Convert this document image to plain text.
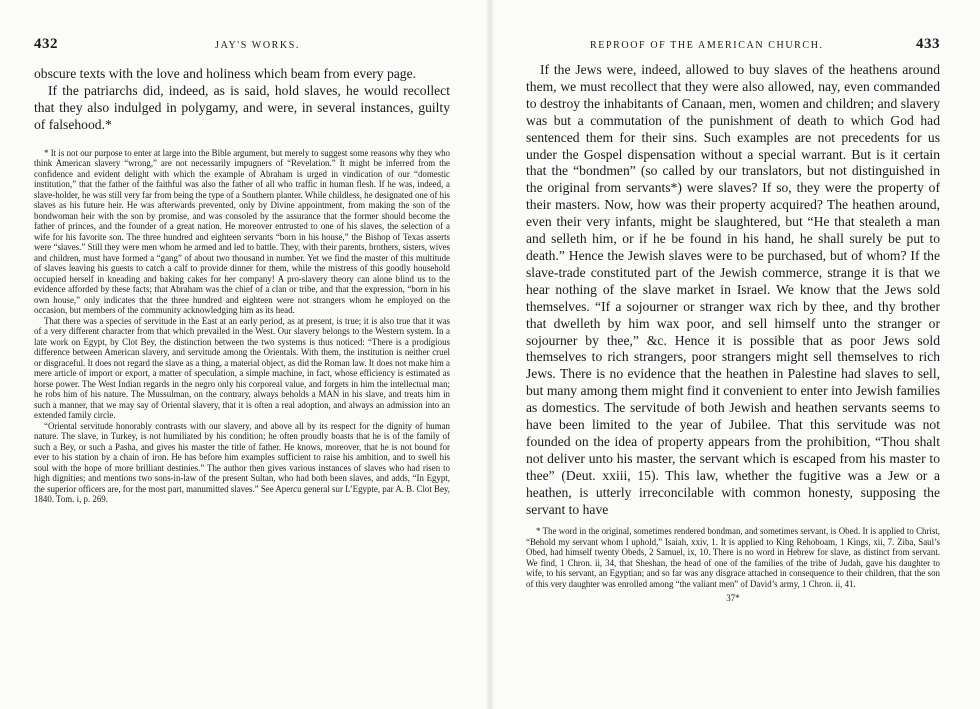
432	JAY'S WORKS.

obscure texts with the love and holiness which beam from every page.

If the patriarchs did, indeed, as is said, hold slaves, he would recollect that they also indulged in polygamy, and were, in several instances, guilty of falsehood.*

* It is not our purpose to enter at large into the Bible argument, but merely to suggest some reasons why they who think American slavery “wrong,” are not necessarily impugners of “Revelation.” It might be inferred from the confidence and evident delight with which the example of Abraham is urged in vindication of our “domestic institution,” that the father of the faithful was also the father of all who traffic in human flesh. If he was, indeed, a slave-holder, he was still very far from being the type of a Southern planter. While childless, he designated one of his slaves as his future heir. He was afterwards prevented, only by Divine appointment, from making the son of the bondwoman heir with the son by promise, and was consoled by the assurance that the former should become the father of princes, and the founder of a great nation. He moreover entrusted to one of his slaves, the selection of a wife for his favorite son. The three hundred and eighteen servants “born in his house,” the Bishop of Texas asserts were “slaves.” Still they were men whom he armed and led to battle. They, with their parents, brothers, sisters, wives and children, must have formed a “gang” of about two thousand in number. Yet we find the master of this multitude of slaves leaving his guests to catch a calf to provide dinner for them, while the mistress of this goodly household occupied herself in kneading and baking cakes for her company! A pro-slavery theory can alone blind us to the evidence afforded by these facts; that Abraham was the chief of a clan or tribe, and that the expression, “born in his own house,” only indicates that the three hundred and eighteen were not strangers whom he employed on the occasion, but members of the community acknowledging him as its head.

That there was a species of servitude in the East at an early period, as at present, is true; it is also true that it was of a very different character from that which prevailed in the West. Our slavery belongs to the Western system. In a late work on Egypt, by Clot Bey, the distinction between the two systems is thus noticed: “There is a prodigious difference between American slavery, and servitude among the Orientals. With them, the institution is neither cruel or disgraceful. It does not regard the slave as a thing, a material object, as did the Roman law. It does not make him a mere article of import or export, a matter of speculation, a simple machine, in fact, whose efficiency is estimated as horse power. The West Indian regards in the negro only his corporeal value, and forgets in him the intellectual man; he robs him of his nature. The Mussulman, on the contrary, always beholds a MAN in his slave, and treats him in such a manner, that we may say of Oriental slavery, that it is often a real adoption, and always an admission into an extended family circle.

“Oriental servitude honorably contrasts with our slavery, and above all by its respect for the dignity of human nature. The slave, in Turkey, is not humiliated by his condition; he often proudly boasts that he is of the family of such a Bey, or such a Pasha, and gives his master the title of father. He knows, moreover, that he is not bound for ever to his station by a chain of iron. He has before him examples sufficient to raise his ambition, and to swell his soul with the hope of more brilliant destinies.” The author then gives various instances of slaves who had risen to high dignities; and mentions two sons-in-law of the present Sultan, who had both been slaves, and adds, “In Egypt, the superior officers are, for the most part, manumitted slaves.” See Apercu general sur L’Egypte, par A. B. Clot Bey, 1840. Tom. i, p. 269.

REPROOF OF THE AMERICAN CHURCH.	433

If the Jews were, indeed, allowed to buy slaves of the heathens around them, we must recollect that they were also allowed, nay, even commanded to destroy the inhabitants of Canaan, men, women and children; and slavery was but a commutation of the punishment of death to which God had sentenced them for their sins. Such examples are not precedents for us under the Gospel dispensation without a special warrant. But is it certain that the “bondmen” (so called by our translators, but not distinguished in the original from servants*) were slaves? If so, they were the property of their masters. Now, how was their property acquired? The heathen around, even their very infants, might be slaughtered, but “He that stealeth a man and selleth him, or if he be found in his hand, he shall surely be put to death.” Hence the Jewish slaves were to be purchased, but of whom? If the slave-trade constituted part of the Jewish commerce, strange it is that we hear nothing of the slave market in Israel. We know that the Jews sold themselves. “If a sojourner or stranger wax rich by thee, and thy brother that dwelleth by him wax poor, and sell himself unto the stranger or sojourner by thee,” &c. Hence it is possible that as poor Jews sold themselves to rich strangers, poor strangers might sell themselves to rich Jews. There is no evidence that the heathen in Palestine had slaves to sell, but many among them might find it convenient to enter into Jewish families as domestics. The servitude of both Jewish and heathen servants seems to have been limited to the year of Jubilee. That this servitude was not founded on the idea of property appears from the prohibition, “Thou shalt not deliver unto his master, the servant which is escaped from his master to thee” (Deut. xxiii, 15). This law, whether the fugitive was a Jew or a heathen, is utterly irreconcilable with common honesty, supposing the servant to have

* The word in the original, sometimes rendered bondman, and sometimes servant, is Obed. It is applied to Christ, “Behold my servant whom I uphold,” Isaiah, xxiv, 1. It is applied to King Rehoboam, 1 Kings, xii, 7. Ziba, Saul’s Obed, had himself twenty Obeds, 2 Samuel, ix, 10. There is no word in Hebrew for slave, as distinct from servant. We find, 1 Chron. ii, 34, that Sheshan, the head of one of the families of the tribe of Judah, gave his daughter to wife, to his servant, an Egyptian; and so far was any disgrace attached in consequence to their children, that the son of this very daughter was enrolled among “the valiant men” of David’s army, 1 Chron. ii, 41.

37*
